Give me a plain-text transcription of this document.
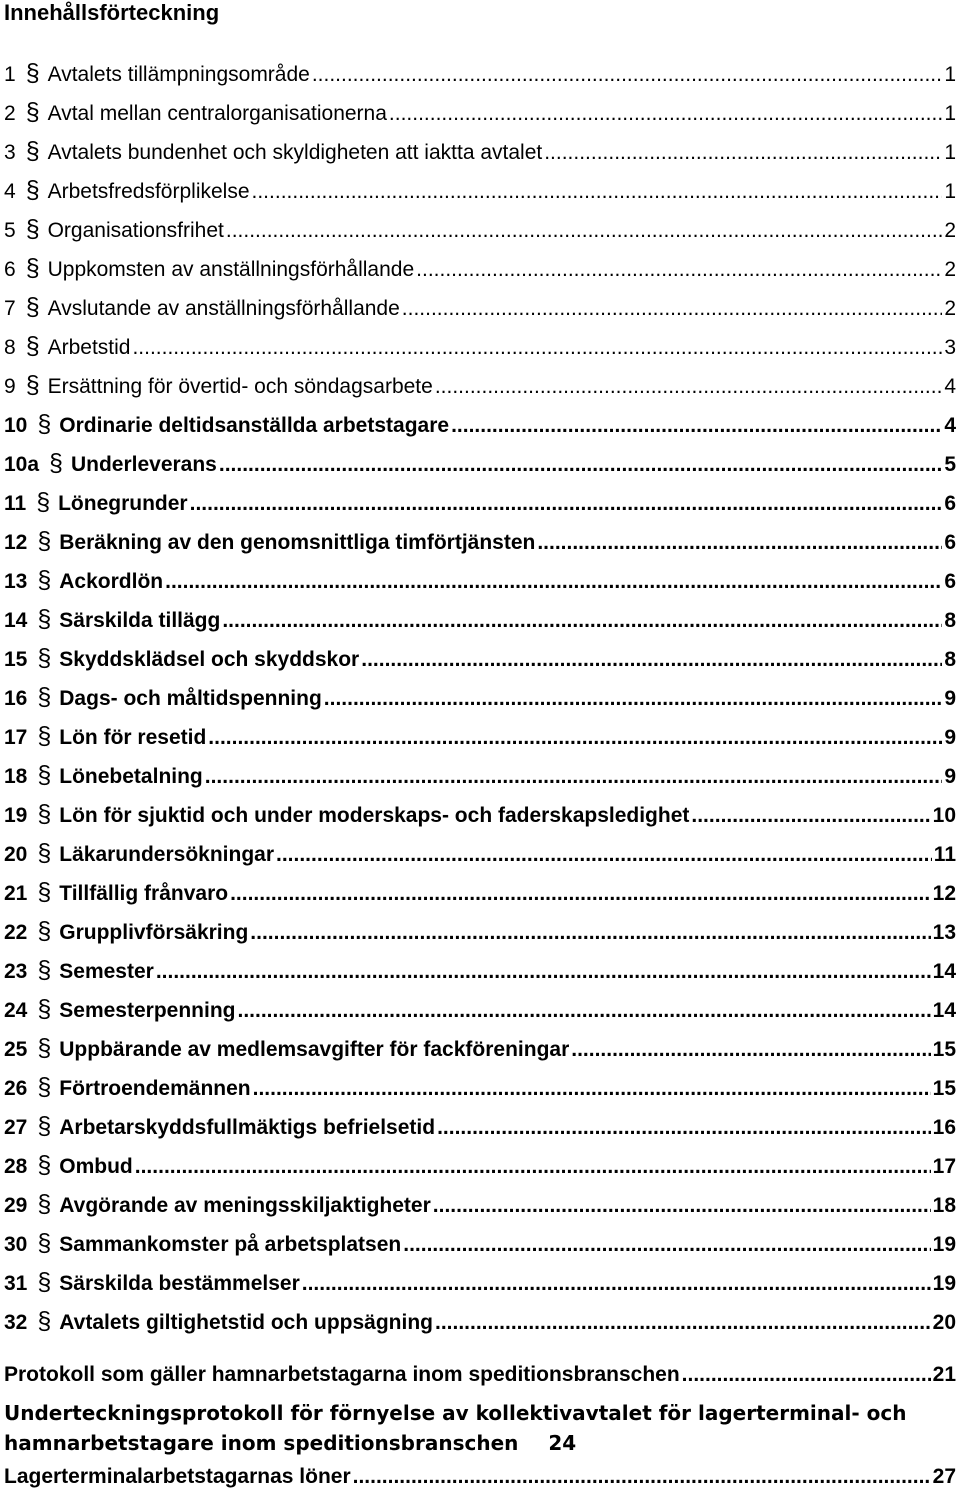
Innehållsförteckning
1 § Avtalets tillämpningsområde .....	1
2 § Avtal mellan centralorganisationerna .....	1
3 § Avtalets bundenhet och skyldigheten att iaktta avtalet .....	1
4 § Arbetsfredsförplikelse .....	1
5 § Organisationsfrihet .....	2
6 § Uppkomsten av anställningsförhållande .....	2
7 § Avslutande av anställningsförhållande .....	2
8 § Arbetstid .....	3
9 § Ersättning för övertid- och söndagsarbete .....	4
10 § Ordinarie deltidsanställda arbetstagare .....	4
10a § Underleverans .....	5
11 § Lönegrunder .....	6
12 § Beräkning av den genomsnittliga timförtjänsten .....	6
13 § Ackordlön .....	6
14 § Särskilda tillägg .....	8
15 § Skyddsklädsel och skyddskor .....	8
16 § Dags- och måltidspenning .....	9
17 § Lön för resetid .....	9
18 § Lönebetalning .....	9
19 § Lön för sjuktid och under moderskaps- och faderskapsledighet .....	10
20 § Läkarundersökningar .....	11
21 § Tillfällig frånvaro .....	12
22 § Grupplivförsäkring .....	13
23 § Semester .....	14
24 § Semesterpenning .....	14
25 § Uppbärande av medlemsavgifter för fackföreningar .....	15
26 § Förtroendemännen .....	15
27 § Arbetarskyddsfullmäktigs befrielsetid .....	16
28 § Ombud .....	17
29 § Avgörande av meningsskiljaktigheter .....	18
30 § Sammankomster på arbetsplatsen .....	19
31 § Särskilda bestämmelser .....	19
32 § Avtalets giltighetstid och uppsägning .....	20
Protokoll som gäller hamnarbetstagarna inom speditionsbranschen .....	21
Underteckningsprotokoll för förnyelse av kollektivavtalet för lagerterminal- och
hamnarbetstagare inom speditionsbranschen 24
Lagerterminalarbetstagarnas löner .....	27
